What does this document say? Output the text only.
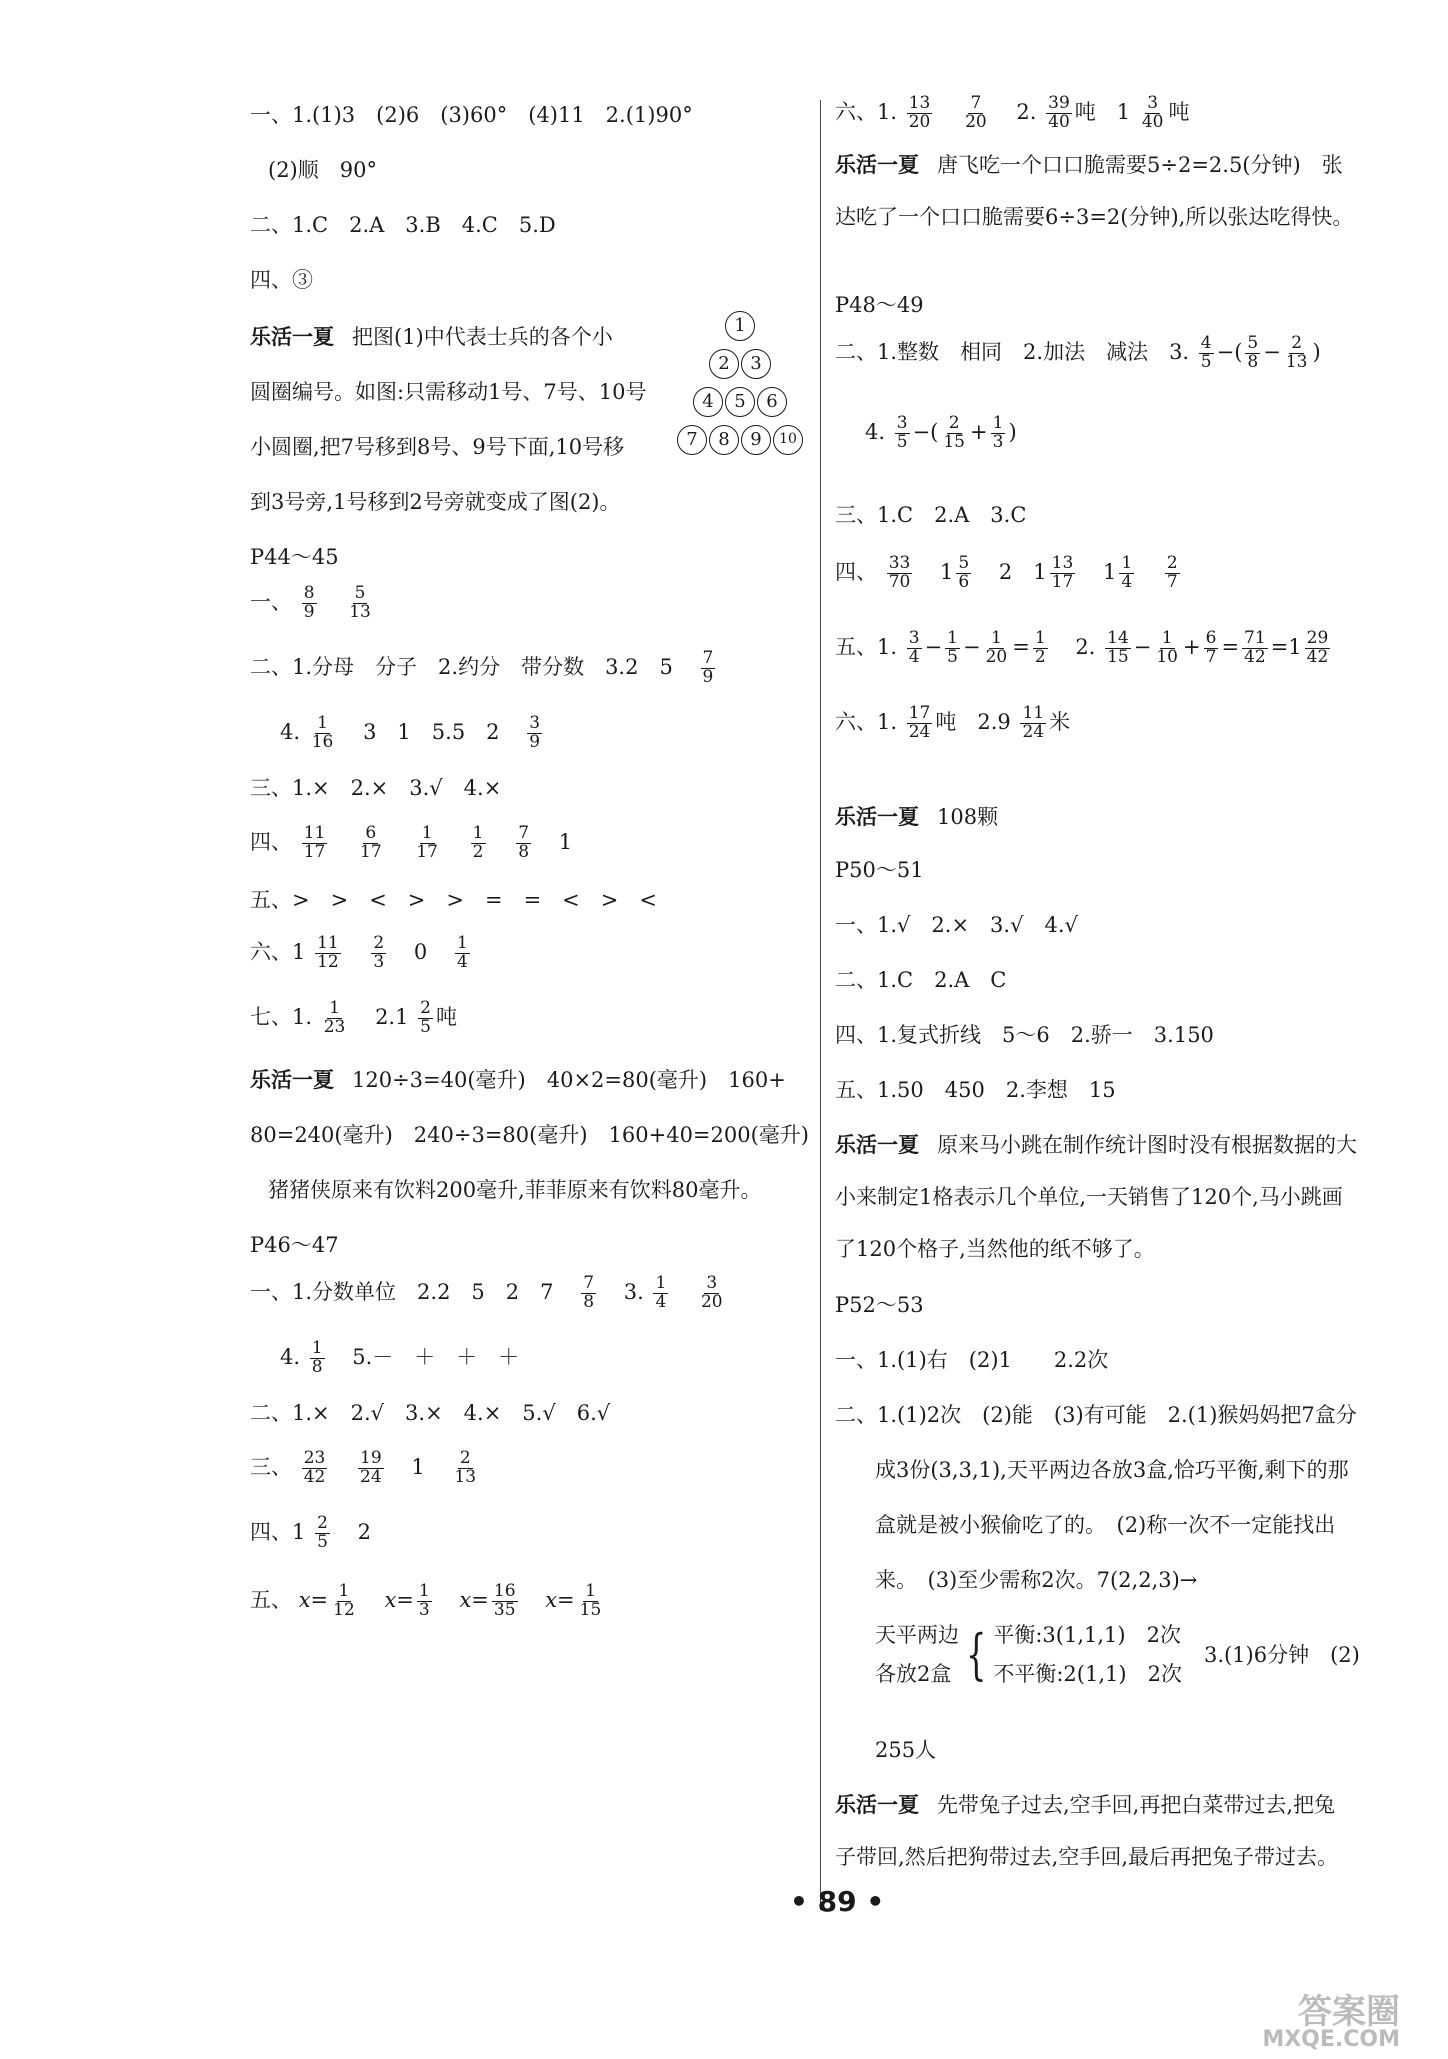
一、1.(1)3　(2)6　(3)60°　(4)11　2.(1)90°
(2)顺　90°
二、1.C　2.A　3.B　4.C　5.D
四、③
乐活一夏 把图(1)中代表士兵的各个小
圆圈编号。如图:只需移动1号、7号、10号
小圆圈,把7号移到8号、9号下面,10号移
到3号旁,1号移到2号旁就变成了图(2)。
P44～45
一、 $\frac{8}{9}$
$\frac{5}{13}$
二、1.分母　分子　2.约分　带分数　3.2　$5 \frac{7}{9}$
4. $\frac{1}{16} 3$　1　5.5　$2 \frac{3}{9}$
三、1.×　2.×　3.√　4.×
四、 $\frac{11}{17}$
$\frac{6}{17}$
$\frac{1}{17}$
$\frac{1}{2}$
$\frac{7}{8} 1$
五、>　>　<　>　>　=　=　<　>　<
六、$1 \frac{11}{12}$
$\frac{2}{3} 0 \frac{1}{4}$
七、1. $\frac{1}{23} 2.1 \frac{2}{5}$ 吨
乐活一夏 120÷3=40(毫升)　40×2=80(毫升)　160+
80=240(毫升)　240÷3=80(毫升)　160+40=200(毫升)
猪猪侠原来有饮料200毫升,菲菲原来有饮料80毫升。
P46～47
一、1.分数单位　2.2　5　2　$7 \frac{7}{8} 3$. $\frac{1}{4}$
$\frac{3}{20}$
4. $\frac{1}{8} 5.-$　＋　＋　＋
二、1.×　2.√　3.×　4.×　5.√　6.√
三、 $\frac{23}{42}$
$\frac{19}{24} 1 \frac{2}{13}$
四、$1 \frac{2}{5} 2$
五、 $x= \frac{1}{12} x= \frac{1}{3} x= \frac{16}{35} x= \frac{1}{15}$
1
2	3
4	5	6
7	8	9	10
六、1. $\frac{13}{20}$
$\frac{7}{20} 2$. $\frac{39}{40}$ 吨　$1 \frac{3}{40}$ 吨
乐活一夏 唐飞吃一个口口脆需要5÷2=2.5(分钟)　张
达吃了一个口口脆需要6÷3=2(分钟),所以张达吃得快。
P48～49
二、1.整数　相同　2.加法　减法　3. $\frac{4}{5}$ −( $\frac{5}{8} - \frac{2}{13}$ )
4. $\frac{3}{5}$ −( $\frac{2}{15} + \frac{1}{3}$ )
三、1.C　2.A　3.C
四、 $\frac{33}{70} 1 \frac{5}{6} 2$　$1 \frac{13}{17} 1 \frac{1}{4}$
$\frac{2}{7}$
五、1. $\frac{3}{4} - \frac{1}{5} - \frac{1}{20} = \frac{1}{2} 2$. $\frac{14}{15} - \frac{1}{10} + \frac{6}{7} = \frac{71}{42} =1 \frac{29}{42}$
六、1. $\frac{17}{24}$ 吨　$2.9 \frac{11}{24}$ 米
乐活一夏 108颗
P50～51
一、1.√　2.×　3.√　4.√
二、1.C　2.A　C
四、1.复式折线　5～6　2.骄一　3.150
五、1.50　450　2.李想　15
乐活一夏 原来马小跳在制作统计图时没有根据数据的大
小来制定1格表示几个单位,一天销售了120个,马小跳画
了120个格子,当然他的纸不够了。
P52～53
一、1.(1)右　(2)1　　2.2次
二、1.(1)2次　(2)能　(3)有可能　2.(1)猴妈妈把7盒分
成3份(3,3,1),天平两边各放3盒,恰巧平衡,剩下的那
盒就是被小猴偷吃了的。　(2)称一次不一定能找出
来。　(3)至少需称2次。7(2,2,3)→
天平两边
各放2盒 { 平衡:3(1,1,1)　2次
不平衡:2(1,1)　2次
3.(1)6分钟　(2)
255人
乐活一夏 先带兔子过去,空手回,再把白菜带过去,把兔
子带回,然后把狗带过去,空手回,最后再把兔子带过去。
• 89 •
答案圈
MXQE.COM
